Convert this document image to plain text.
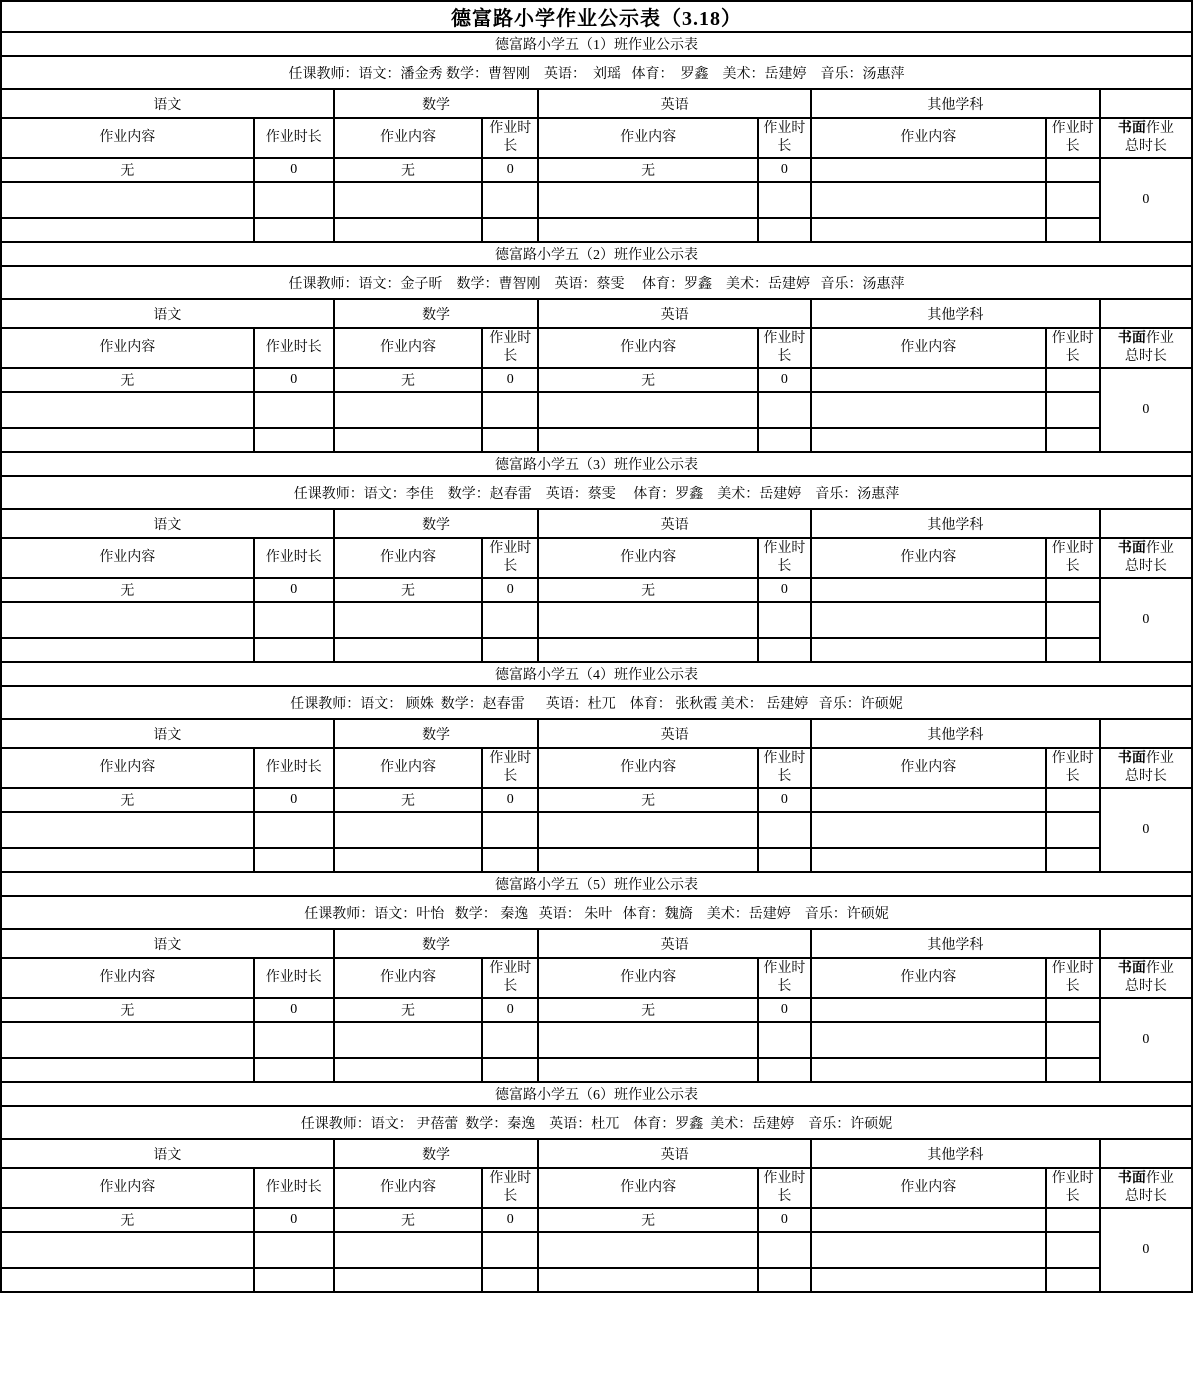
德富路小学作业公示表（3.18）								
德富路小学五（1）班作业公示表								
任课教师：语文：潘金秀 数学：曹智刚    英语：  刘瑶   体育：  罗鑫    美术：岳建婷    音乐：汤惠萍								
语文		数学		英语		其他学科		
作业内容	作业时长	作业内容	作业时长	作业内容	作业时长	作业内容	作业时长	书面作业
总时长
无	0	无	0	无	0			0

德富路小学五（2）班作业公示表								
任课教师：语文：金子昕    数学：曹智刚    英语：蔡雯     体育：罗鑫    美术：岳建婷   音乐：汤惠萍								
语文		数学		英语		其他学科		
作业内容	作业时长	作业内容	作业时长	作业内容	作业时长	作业内容	作业时长	书面作业
总时长
无	0	无	0	无	0			0

德富路小学五（3）班作业公示表								
任课教师：语文：李佳    数学：赵春雷    英语：蔡雯     体育：罗鑫    美术：岳建婷    音乐：汤惠萍								
语文		数学		英语		其他学科		
作业内容	作业时长	作业内容	作业时长	作业内容	作业时长	作业内容	作业时长	书面作业
总时长
无	0	无	0	无	0			0

德富路小学五（4）班作业公示表								
任课教师：语文： 顾姝  数学：赵春雷      英语：杜兀    体育： 张秋霞 美术： 岳建婷   音乐：许硕妮								
语文		数学		英语		其他学科		
作业内容	作业时长	作业内容	作业时长	作业内容	作业时长	作业内容	作业时长	书面作业
总时长
无	0	无	0	无	0			0

德富路小学五（5）班作业公示表								
任课教师：语文：叶怡   数学： 秦逸   英语： 朱叶   体育：魏旖    美术：岳建婷    音乐：许硕妮								
语文		数学		英语		其他学科		
作业内容	作业时长	作业内容	作业时长	作业内容	作业时长	作业内容	作业时长	书面作业
总时长
无	0	无	0	无	0			0

德富路小学五（6）班作业公示表								
任课教师：语文： 尹蓓蕾  数学：秦逸    英语：杜兀    体育：罗鑫  美术：岳建婷    音乐：许硕妮								
语文		数学		英语		其他学科		
作业内容	作业时长	作业内容	作业时长	作业内容	作业时长	作业内容	作业时长	书面作业
总时长
无	0	无	0	无	0			0
